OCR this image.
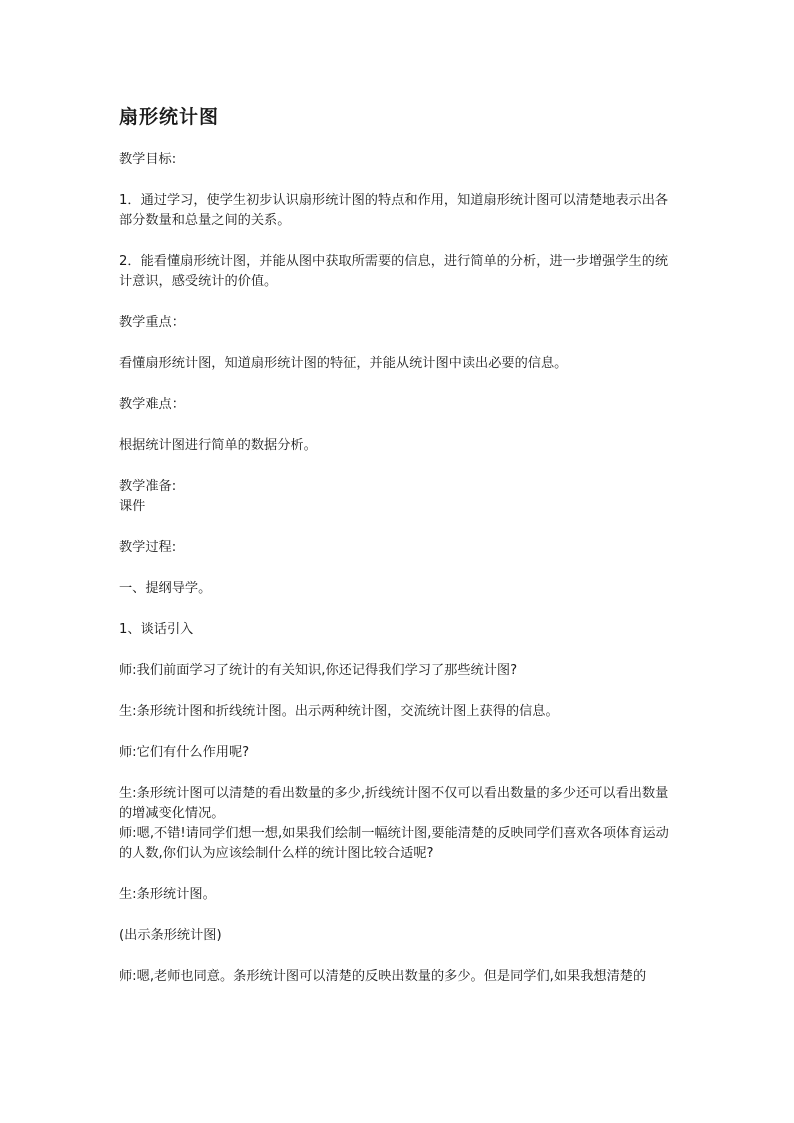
扇形统计图

教学目标:

1．通过学习，使学生初步认识扇形统计图的特点和作用，知道扇形统计图可以清楚地表示出各部分数量和总量之间的关系。

2．能看懂扇形统计图，并能从图中获取所需要的信息，进行简单的分析，进一步增强学生的统计意识，感受统计的价值。

教学重点：

看懂扇形统计图，知道扇形统计图的特征，并能从统计图中读出必要的信息。

教学难点：

根据统计图进行简单的数据分析。

教学准备:

课件

教学过程:

一、提纲导学。

1、谈话引入

师:我们前面学习了统计的有关知识,你还记得我们学习了那些统计图?

生:条形统计图和折线统计图。出示两种统计图，交流统计图上获得的信息。

师:它们有什么作用呢?

生:条形统计图可以清楚的看出数量的多少,折线统计图不仅可以看出数量的多少还可以看出数量的增减变化情况。

师:嗯,不错!请同学们想一想,如果我们绘制一幅统计图,要能清楚的反映同学们喜欢各项体育运动的人数,你们认为应该绘制什么样的统计图比较合适呢?

生:条形统计图。

(出示条形统计图)

师:嗯,老师也同意。条形统计图可以清楚的反映出数量的多少。但是同学们,如果我想清楚的
